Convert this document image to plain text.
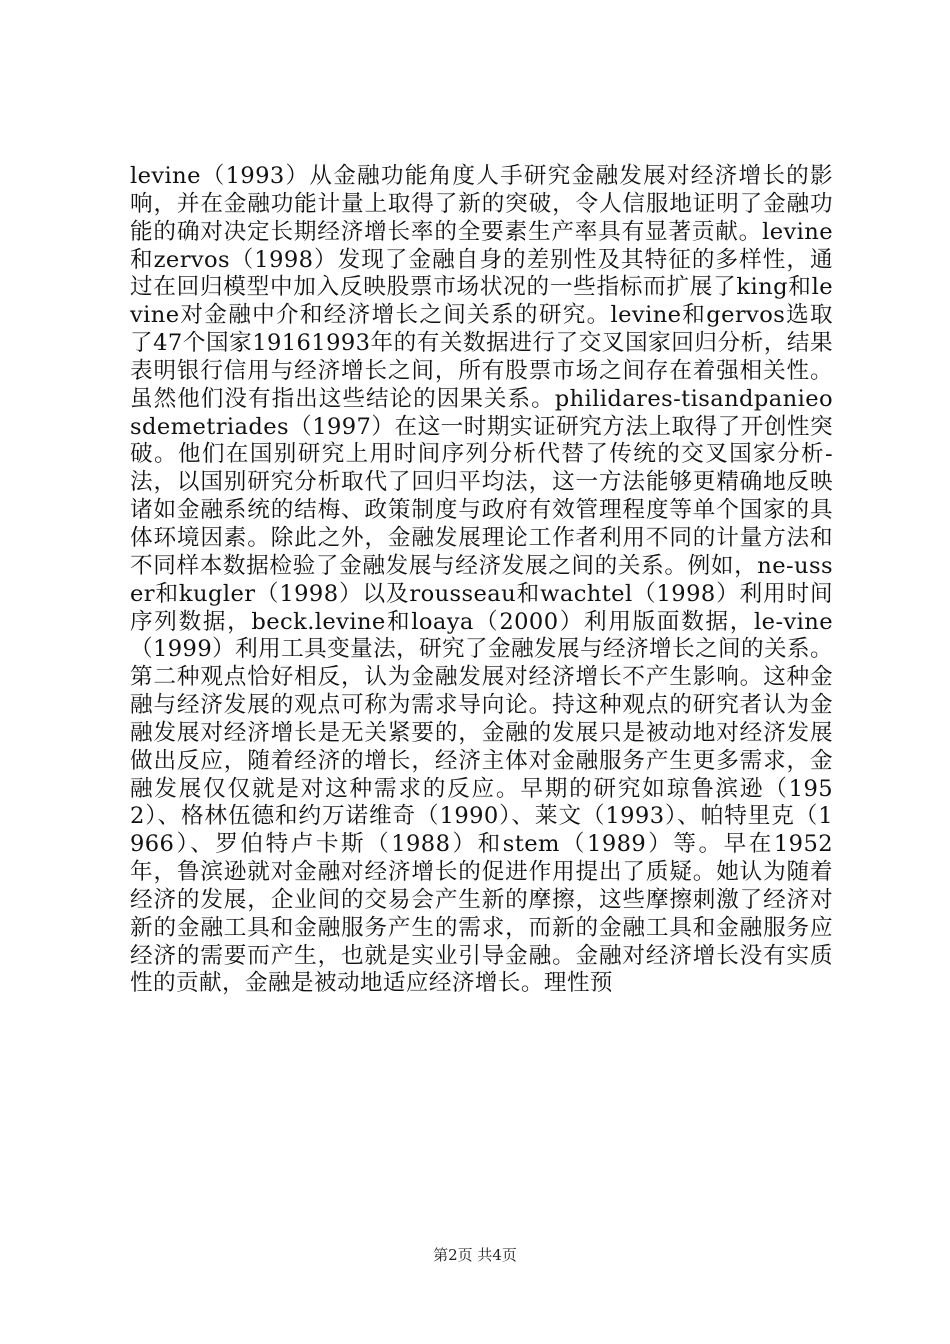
levine（1993）从金融功能角度人手研究金融发展对经济增长的影响，并在金融功能计量上取得了新的突破，令人信服地证明了金融功能的确对决定长期经济增长率的全要素生产率具有显著贡献。levine和zervos（1998）发现了金融自身的差别性及其特征的多样性，通过在回归模型中加入反映股票市场状况的一些指标而扩展了king和levine对金融中介和经济增长之间关系的研究。levine和gervos选取了47个国家19161993年的有关数据进行了交叉国家回归分析，结果表明银行信用与经济增长之间，所有股票市场之间存在着强相关性。虽然他们没有指出这些结论的因果关系。philidares-tisandpanieosdemetriades（1997）在这一时期实证研究方法上取得了开创性突破。他们在国别研究上用时间序列分析代替了传统的交叉国家分析-法，以国别研究分析取代了回归平均法，这一方法能够更精确地反映诸如金融系统的结梅、政策制度与政府有效管理程度等单个国家的具体环境因素。除此之外，金融发展理论工作者利用不同的计量方法和不同样本数据检验了金融发展与经济发展之间的关系。例如，ne-usser和kugler（1998）以及rousseau和wachtel（1998）利用时间序列数据，beck.levine和loaya（2000）利用版面数据，le-vine（1999）利用工具变量法，研究了金融发展与经济增长之间的关系。第二种观点恰好相反，认为金融发展对经济增长不产生影响。这种金融与经济发展的观点可称为需求导向论。持这种观点的研究者认为金融发展对经济增长是无关紧要的，金融的发展只是被动地对经济发展做出反应，随着经济的增长，经济主体对金融服务产生更多需求，金融发展仅仅就是对这种需求的反应。早期的研究如琼鲁滨逊（1952）、格林伍德和约万诺维奇（1990）、莱文（1993）、帕特里克（1966）、罗伯特卢卡斯（1988）和stem（1989）等。早在1952年，鲁滨逊就对金融对经济增长的促进作用提出了质疑。她认为随着经济的发展，企业间的交易会产生新的摩擦，这些摩擦刺激了经济对新的金融工具和金融服务产生的需求，而新的金融工具和金融服务应经济的需要而产生，也就是实业引导金融。金融对经济增长没有实质性的贡献，金融是被动地适应经济增长。理性预

第2页 共4页
